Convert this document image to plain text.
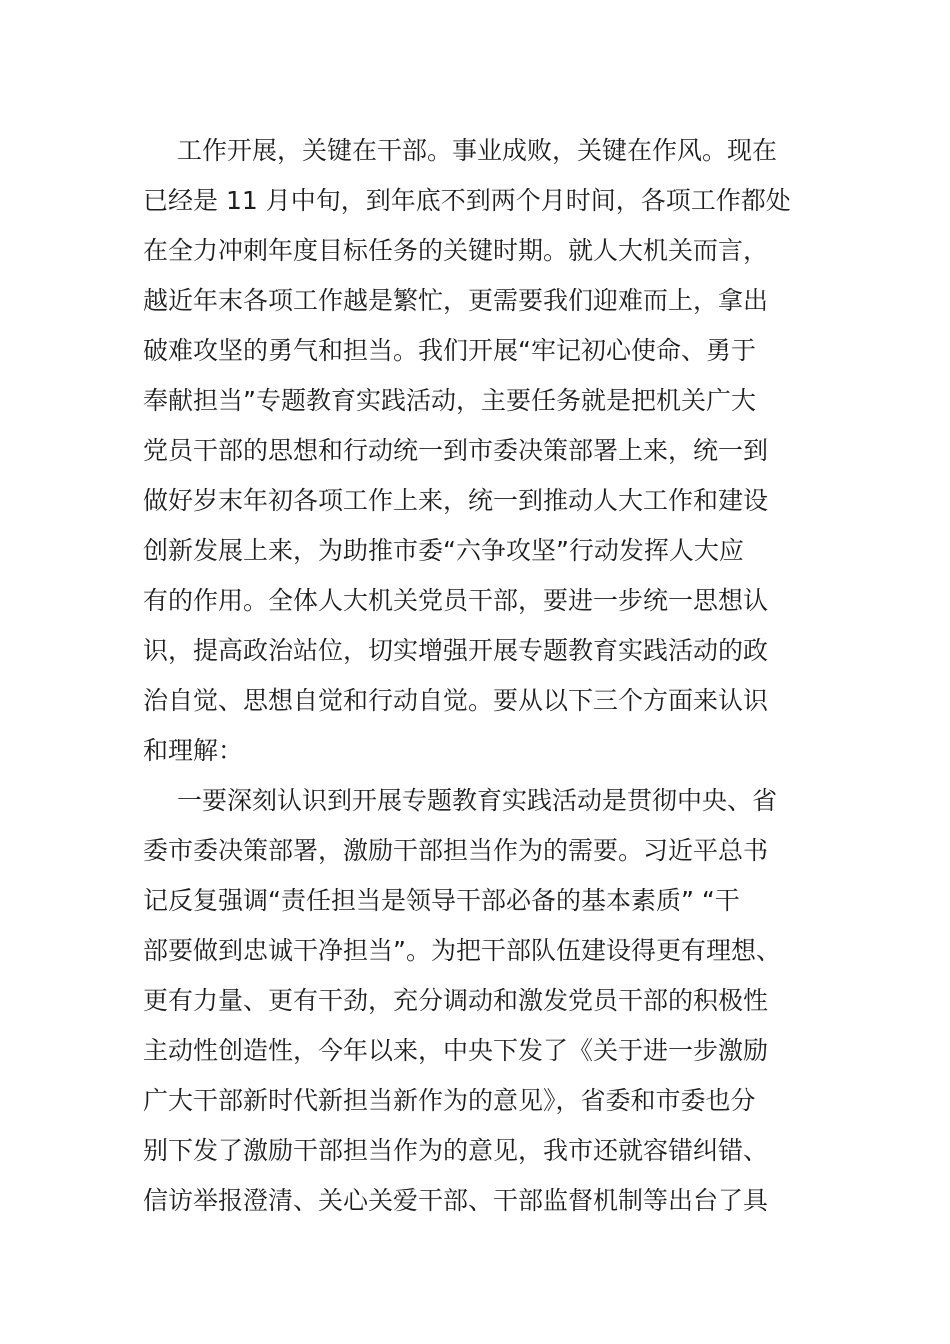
工作开展，关键在干部。事业成败，关键在作风。现在
已经是 11 月中旬，到年底不到两个月时间，各项工作都处
在全力冲刺年度目标任务的关键时期。就人大机关而言，
越近年末各项工作越是繁忙，更需要我们迎难而上，拿出
破难攻坚的勇气和担当。我们开展“牢记初心使命、勇于
奉献担当”专题教育实践活动，主要任务就是把机关广大
党员干部的思想和行动统一到市委决策部署上来，统一到
做好岁末年初各项工作上来，统一到推动人大工作和建设
创新发展上来，为助推市委“六争攻坚”行动发挥人大应
有的作用。全体人大机关党员干部，要进一步统一思想认
识，提高政治站位，切实增强开展专题教育实践活动的政
治自觉、思想自觉和行动自觉。要从以下三个方面来认识
和理解：
一要深刻认识到开展专题教育实践活动是贯彻中央、省
委市委决策部署，激励干部担当作为的需要。习近平总书
记反复强调“责任担当是领导干部必备的基本素质” “干
部要做到忠诚干净担当”。为把干部队伍建设得更有理想、
更有力量、更有干劲，充分调动和激发党员干部的积极性
主动性创造性，今年以来，中央下发了《关于进一步激励
广大干部新时代新担当新作为的意见》，省委和市委也分
别下发了激励干部担当作为的意见，我市还就容错纠错、
信访举报澄清、关心关爱干部、干部监督机制等出台了具
